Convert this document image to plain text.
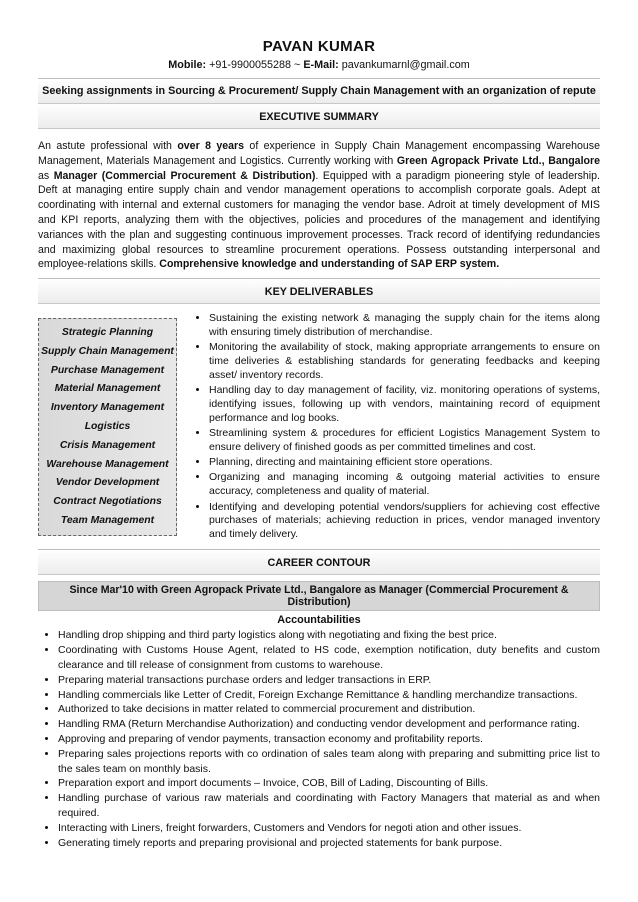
PAVAN KUMAR
Mobile: +91-9900055288 ~ E-Mail: pavankumarnl@gmail.com
Seeking assignments in Sourcing & Procurement/ Supply Chain Management with an organization of repute
EXECUTIVE SUMMARY

An astute professional with over 8 years of experience in Supply Chain Management encompassing Warehouse Management, Materials Management and Logistics. Currently working with Green Agropack Private Ltd., Bangalore as Manager (Commercial Procurement & Distribution). Equipped with a paradigm pioneering style of leadership. Deft at managing entire supply chain and vendor management operations to accomplish corporate goals. Adept at coordinating with internal and external customers for managing the vendor base. Adroit at timely development of MIS and KPI reports, analyzing them with the objectives, policies and procedures of the management and identifying variances with the plan and suggesting continuous improvement processes. Track record of identifying redundancies and maximizing global resources to streamline procurement operations. Possess outstanding interpersonal and employee-relations skills. Comprehensive knowledge and understanding of SAP ERP system.

KEY DELIVERABLES
Strategic Planning
Supply Chain Management
Purchase Management
Material Management
Inventory Management
Logistics
Crisis Management
Warehouse Management
Vendor Development
Contract Negotiations
Team Management
• Sustaining the existing network & managing the supply chain for the items along with ensuring timely distribution of merchandise.
• Monitoring the availability of stock, making appropriate arrangements to ensure on time deliveries & establishing standards for generating feedbacks and keeping asset/ inventory records.
• Handling day to day management of facility, viz. monitoring operations of systems, identifying issues, following up with vendors, maintaining record of equipment performance and log books.
• Streamlining system & procedures for efficient Logistics Management System to ensure delivery of finished goods as per committed timelines and cost.
• Planning, directing and maintaining efficient store operations.
• Organizing and managing incoming & outgoing material activities to ensure accuracy, completeness and quality of material.
• Identifying and developing potential vendors/suppliers for achieving cost effective purchases of materials; achieving reduction in prices, vendor managed inventory and timely delivery.
CAREER CONTOUR
Since Mar'10 with Green Agropack Private Ltd., Bangalore as Manager (Commercial Procurement & Distribution)
Accountabilities
• Handling drop shipping and third party logistics along with negotiating and fixing the best price.
• Coordinating with Customs House Agent, related to HS code, exemption notification, duty benefits and custom clearance and till release of consignment from customs to warehouse.
• Preparing material transactions purchase orders and ledger transactions in ERP.
• Handling commercials like Letter of Credit, Foreign Exchange Remittance & handling merchandize transactions.
• Authorized to take decisions in matter related to commercial procurement and distribution.
• Handling RMA (Return Merchandise Authorization) and conducting vendor development and performance rating.
• Approving and preparing of vendor payments, transaction economy and profitability reports.
• Preparing sales projections reports with co ordination of sales team along with preparing and submitting price list to the sales team on monthly basis.
• Preparation export and import documents – Invoice, COB, Bill of Lading, Discounting of Bills.
• Handling purchase of various raw materials and coordinating with Factory Managers that material as and when required.
• Interacting with Liners, freight forwarders, Customers and Vendors for negoti ation and other issues.
• Generating timely reports and preparing provisional and projected statements for bank purpose.
